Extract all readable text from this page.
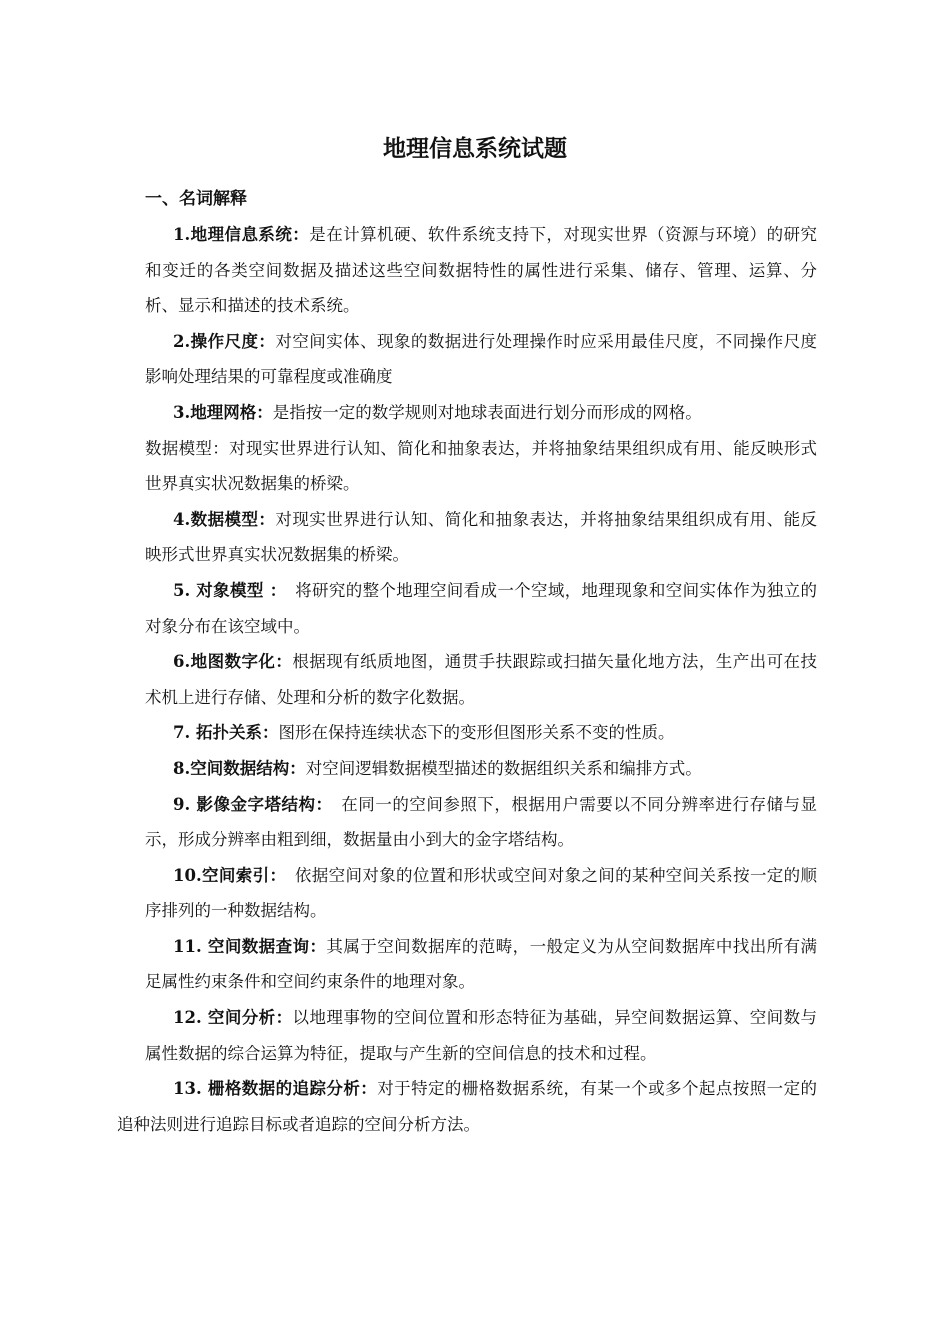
地理信息系统试题
一、名词解释

1.地理信息系统：是在计算机硬、软件系统支持下，对现实世界（资源与环境）的研究和变迁的各类空间数据及描述这些空间数据特性的属性进行采集、储存、管理、运算、分析、显示和描述的技术系统。

2.操作尺度：对空间实体、现象的数据进行处理操作时应采用最佳尺度，不同操作尺度影响处理结果的可靠程度或准确度

3.地理网格：是指按一定的数学规则对地球表面进行划分而形成的网格。

数据模型：对现实世界进行认知、简化和抽象表达，并将抽象结果组织成有用、能反映形式世界真实状况数据集的桥梁。

4.数据模型：对现实世界进行认知、简化和抽象表达，并将抽象结果组织成有用、能反映形式世界真实状况数据集的桥梁。

5. 对象模型 ：　将研究的整个地理空间看成一个空域，地理现象和空间实体作为独立的对象分布在该空域中。

6.地图数字化：根据现有纸质地图，通贯手扶跟踪或扫描矢量化地方法，生产出可在技术机上进行存储、处理和分析的数字化数据。

7. 拓扑关系：图形在保持连续状态下的变形但图形关系不变的性质。

8.空间数据结构：对空间逻辑数据模型描述的数据组织关系和编排方式。

9. 影像金字塔结构：　在同一的空间参照下，根据用户需要以不同分辨率进行存储与显示，形成分辨率由粗到细，数据量由小到大的金字塔结构。

10.空间索引：　依据空间对象的位置和形状或空间对象之间的某种空间关系按一定的顺序排列的一种数据结构。

11. 空间数据查询：其属于空间数据库的范畴，一般定义为从空间数据库中找出所有满足属性约束条件和空间约束条件的地理对象。

12. 空间分析：以地理事物的空间位置和形态特征为基础，异空间数据运算、空间数与属性数据的综合运算为特征，提取与产生新的空间信息的技术和过程。

13. 栅格数据的追踪分析：对于特定的栅格数据系统，有某一个或多个起点按照一定的追种法则进行追踪目标或者追踪的空间分析方法。
